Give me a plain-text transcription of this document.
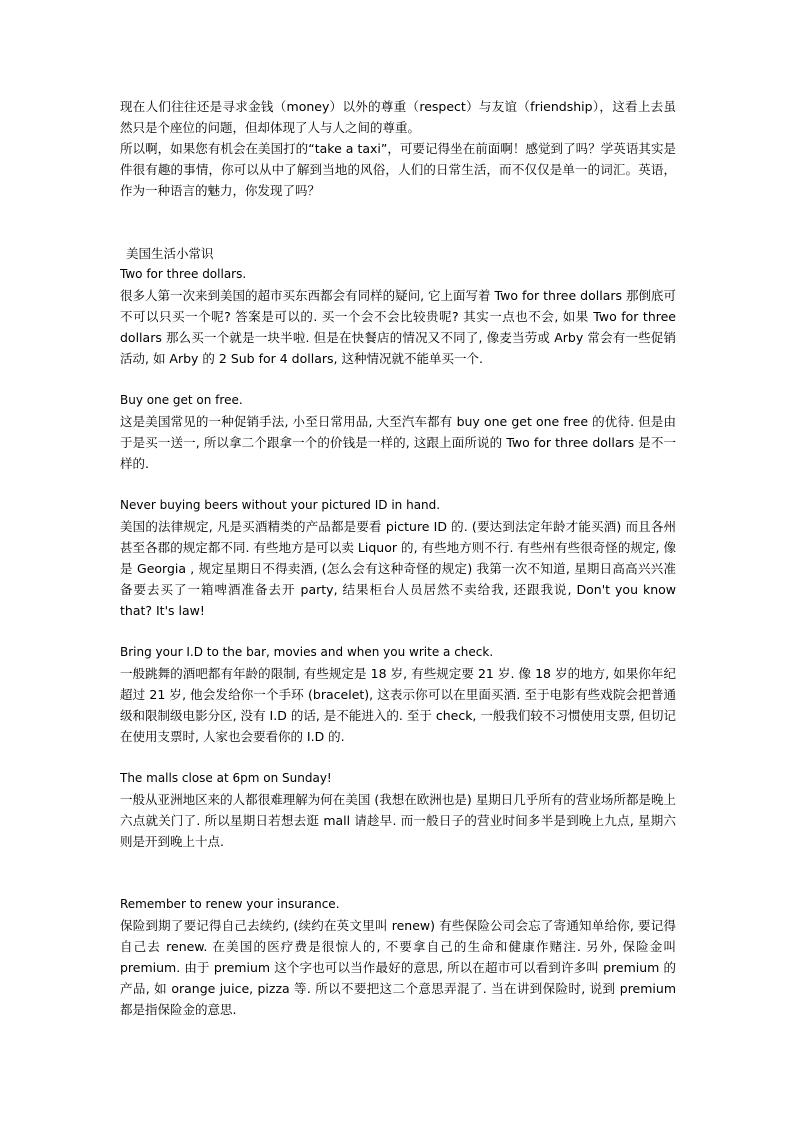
现在人们往往还是寻求金钱（money）以外的尊重（respect）与友谊（friendship），这看上去虽然只是个座位的问题，但却体现了人与人之间的尊重。

所以啊，如果您有机会在美国打的“take a taxi”，可要记得坐在前面啊！感觉到了吗？学英语其实是件很有趣的事情，你可以从中了解到当地的风俗，人们的日常生活，而不仅仅是单一的词汇。英语，作为一种语言的魅力，你发现了吗？

美国生活小常识

Two for three dollars.

很多人第一次来到美国的超市买东西都会有同样的疑问, 它上面写着 Two for three dollars 那倒底可不可以只买一个呢? 答案是可以的. 买一个会不会比较贵呢? 其实一点也不会, 如果 Two for three dollars 那么买一个就是一块半啦. 但是在快餐店的情况又不同了, 像麦当劳或 Arby 常会有一些促销活动, 如 Arby 的 2 Sub for 4 dollars, 这种情况就不能单买一个.

Buy one get on free.

这是美国常见的一种促销手法, 小至日常用品, 大至汽车都有 buy one get one free 的优待. 但是由于是买一送一, 所以拿二个跟拿一个的价钱是一样的, 这跟上面所说的 Two for three dollars 是不一样的.

Never buying beers without your pictured ID in hand.

美国的法律规定, 凡是买酒精类的产品都是要看 picture ID 的. (要达到法定年龄才能买酒) 而且各州甚至各郡的规定都不同. 有些地方是可以卖 Liquor 的, 有些地方则不行. 有些州有些很奇怪的规定, 像是 Georgia , 规定星期日不得卖酒, (怎么会有这种奇怪的规定) 我第一次不知道, 星期日高高兴兴准备要去买了一箱啤酒准备去开 party, 结果柜台人员居然不卖给我, 还跟我说, Don't you know that? It's law!

Bring your I.D to the bar, movies and when you write a check.

一般跳舞的酒吧都有年龄的限制, 有些规定是 18 岁, 有些规定要 21 岁. 像 18 岁的地方, 如果你年纪超过 21 岁, 他会发给你一个手环 (bracelet), 这表示你可以在里面买酒. 至于电影有些戏院会把普通级和限制级电影分区, 没有 I.D 的话, 是不能进入的. 至于 check, 一般我们较不习惯使用支票, 但切记在使用支票时, 人家也会要看你的 I.D 的.

The malls close at 6pm on Sunday!

一般从亚洲地区来的人都很难理解为何在美国 (我想在欧洲也是) 星期日几乎所有的营业场所都是晚上六点就关门了. 所以星期日若想去逛 mall 请趁早. 而一般日子的营业时间多半是到晚上九点, 星期六则是开到晚上十点.

Remember to renew your insurance.

保险到期了要记得自己去续约, (续约在英文里叫 renew) 有些保险公司会忘了寄通知单给你, 要记得自己去 renew. 在美国的医疗费是很惊人的, 不要拿自己的生命和健康作赌注. 另外, 保险金叫 premium. 由于 premium 这个字也可以当作最好的意思, 所以在超市可以看到许多叫 premium 的产品, 如 orange juice, pizza 等. 所以不要把这二个意思弄混了. 当在讲到保险时, 说到 premium 都是指保险金的意思.
